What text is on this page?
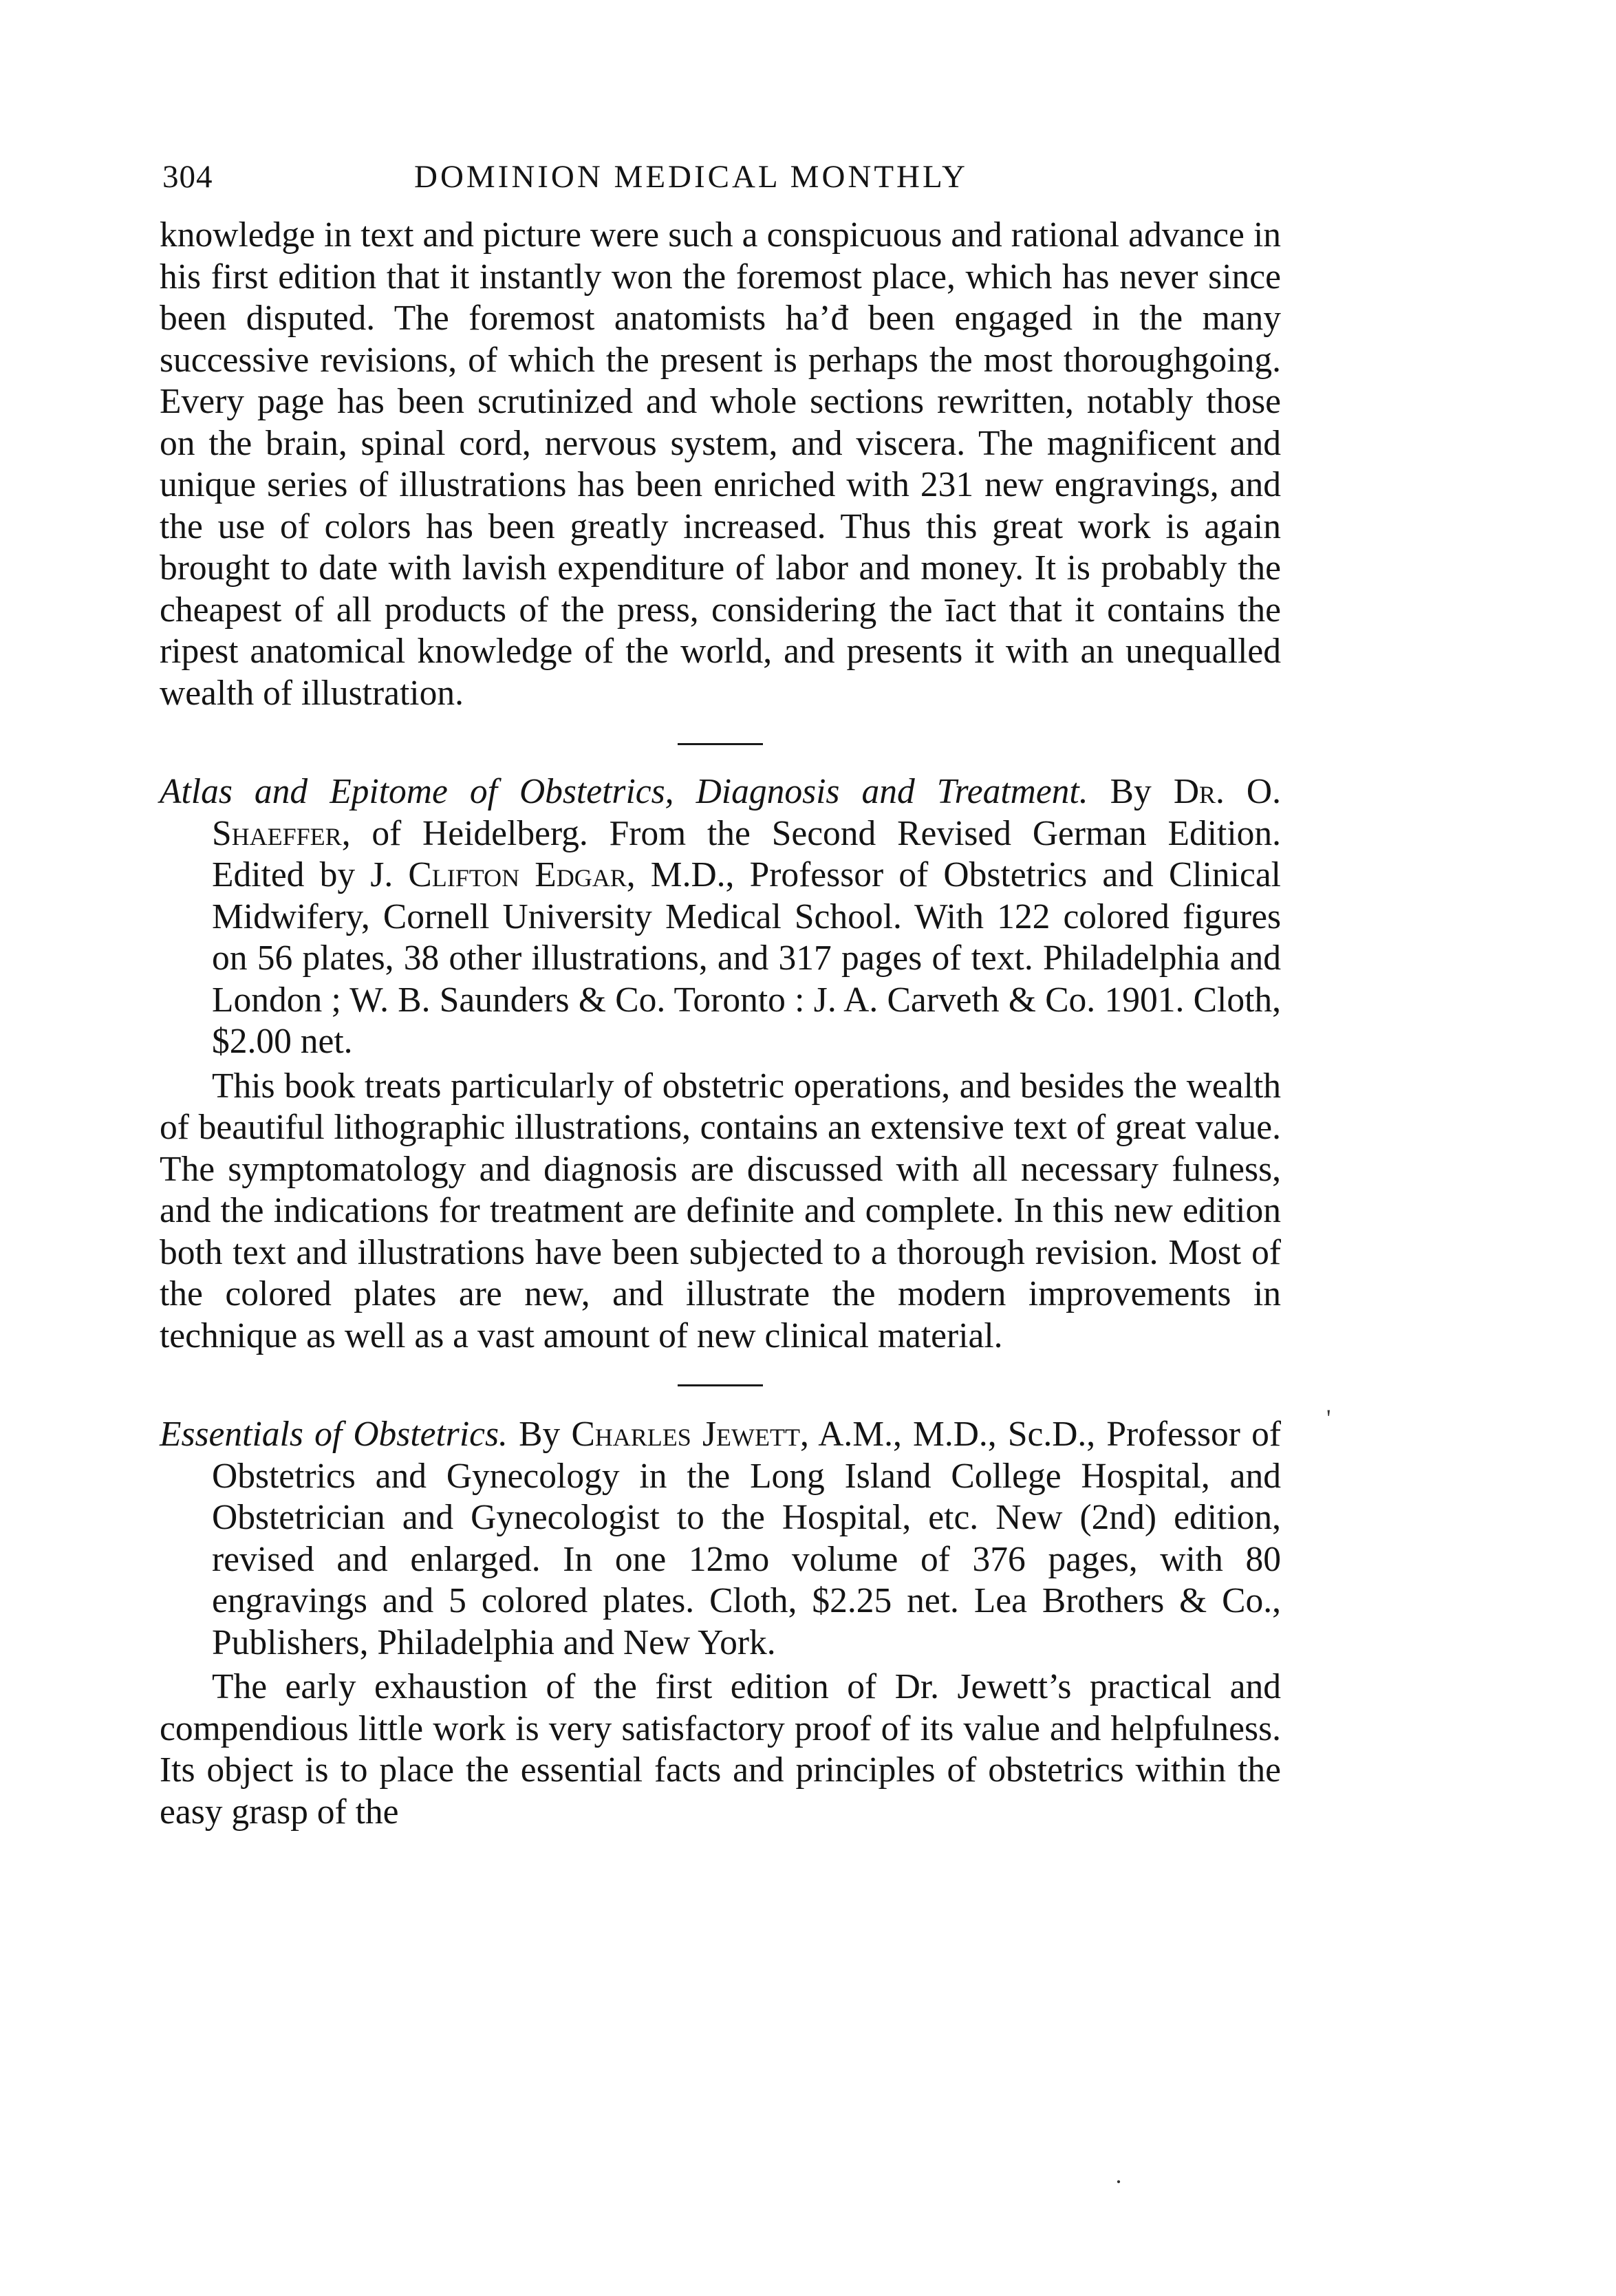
304	DOMINION MEDICAL MONTHLY

knowledge in text and picture were such a conspicuous and rational advance in his first edition that it instantly won the foremost place, which has never since been disputed. The foremost anatomists ha’đ been engaged in the many successive revisions, of which the present is perhaps the most thoroughgoing. Every page has been scrutinized and whole sections rewritten, notably those on the brain, spinal cord, nervous system, and viscera. The magnificent and unique series of illustrations has been enriched with 231 new engravings, and the use of colors has been greatly increased. Thus this great work is again brought to date with lavish expenditure of labor and money. It is probably the cheapest of all products of the press, considering the īact that it contains the ripest anatomical knowledge of the world, and presents it with an unequalled wealth of illustration.

Atlas and Epitome of Obstetrics, Diagnosis and Treatment. By Dr. O. Shaeffer, of Heidelberg. From the Second Revised German Edition. Edited by J. Clifton Edgar, M.D., Professor of Obstetrics and Clinical Midwifery, Cornell University Medical School. With 122 colored figures on 56 plates, 38 other illustrations, and 317 pages of text. Philadelphia and London ; W. B. Saunders & Co. Toronto : J. A. Carveth & Co. 1901. Cloth, $2.00 net.

This book treats particularly of obstetric operations, and besides the wealth of beautiful lithographic illustrations, contains an extensive text of great value. The symptomatology and diagnosis are discussed with all necessary fulness, and the indications for treatment are definite and complete. In this new edition both text and illustrations have been subjected to a thorough revision. Most of the colored plates are new, and illustrate the modern improvements in technique as well as a vast amount of new clinical material.

Essentials of Obstetrics. By Charles Jewett, A.M., M.D., Sc.D., Professor of Obstetrics and Gynecology in the Long Island College Hospital, and Obstetrician and Gynecologist to the Hospital, etc. New (2nd) edition, revised and enlarged. In one 12mo volume of 376 pages, with 80 engravings and 5 colored plates. Cloth, $2.25 net. Lea Brothers & Co., Publishers, Philadelphia and New York.

The early exhaustion of the first edition of Dr. Jewett’s practical and compendious little work is very satisfactory proof of its value and helpfulness. Its object is to place the essential facts and principles of obstetrics within the easy grasp of the

'
·
